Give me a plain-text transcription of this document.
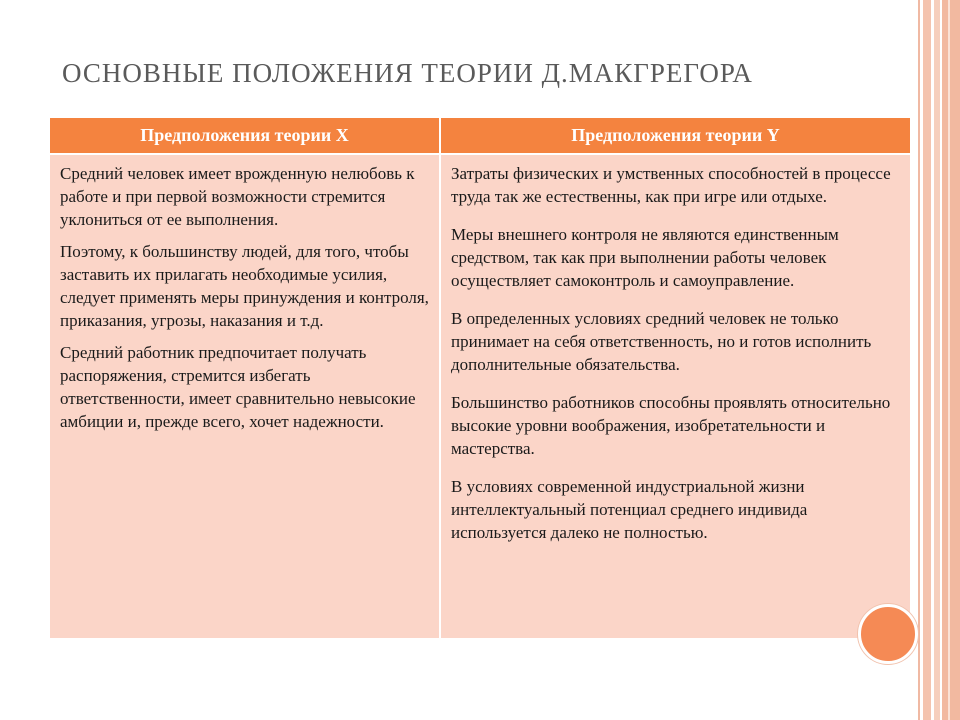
ОСНОВНЫЕ ПОЛОЖЕНИЯ ТЕОРИИ Д.МАКГРЕГОРА
Предположения теории X	Предположения теории Y

Средний человек имеет врожденную нелюбовь к работе и при первой возможности стремится уклониться от ее выполнения.

Поэтому, к большинству людей, для того, чтобы заставить их прилагать необходимые усилия, следует применять меры принуждения и контроля, приказания, угрозы, наказания и т.д.

Средний работник предпочитает получать распоряжения, стремится избегать ответственности, имеет сравнительно невысокие амбиции и, прежде всего, хочет надежности.

Затраты физических и умственных способностей в процессе труда так же естественны, как при игре или отдыхе.

Меры внешнего контроля не являются единственным средством, так как при выполнении работы человек осуществляет самоконтроль и самоуправление.

В определенных условиях средний человек не только принимает на себя ответственность, но и готов исполнить дополнительные обязательства.

Большинство работников способны проявлять относительно высокие уровни воображения, изобретательности и мастерства.

В условиях современной индустриальной жизни интеллектуальный потенциал среднего индивида используется далеко не полностью.
